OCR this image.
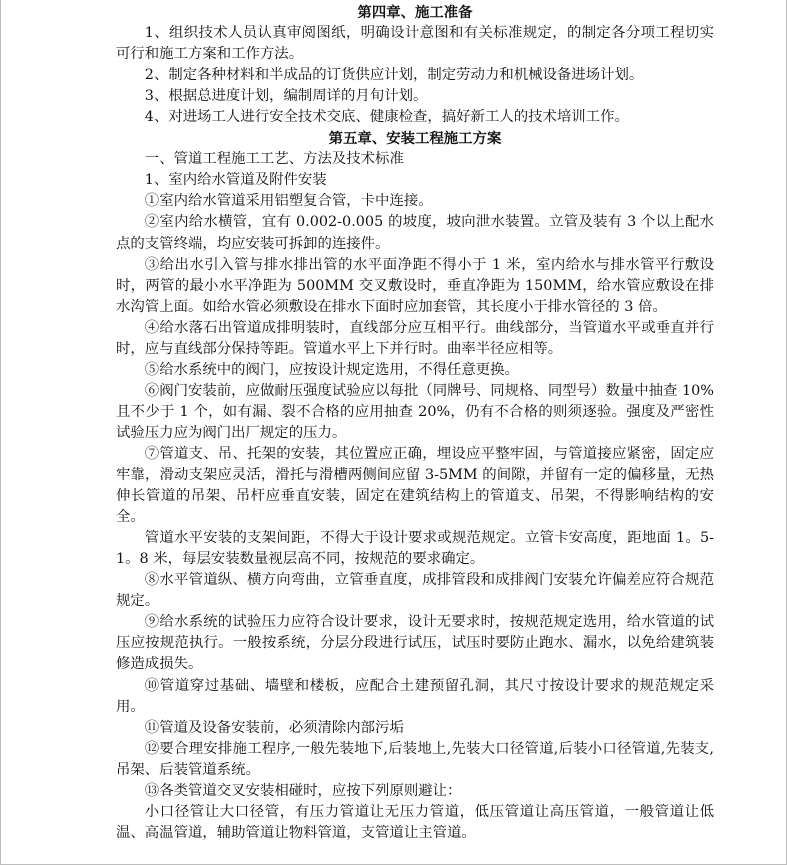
第四章、施工准备

1、组织技术人员认真审阅图纸，明确设计意图和有关标准规定，的制定各分项工程切实可行和施工方案和工作方法。

2、制定各种材料和半成品的订货供应计划，制定劳动力和机械设备进场计划。

3、根据总进度计划，编制周详的月旬计划。

4、对进场工人进行安全技术交底、健康检查，搞好新工人的技术培训工作。

第五章、安装工程施工方案

一、管道工程施工工艺、方法及技术标准

1、室内给水管道及附件安装

①室内给水管道采用铝塑复合管，卡中连接。

②室内给水横管，宜有 0.002-0.005 的坡度，坡向泄水装置。立管及装有 3 个以上配水点的支管终端，均应安装可拆卸的连接件。

③给出水引入管与排水排出管的水平面净距不得小于 1 米，室内给水与排水管平行敷设时，两管的最小水平净距为 500MM 交叉敷设时，垂直净距为 150MM，给水管应敷设在排水沟管上面。如给水管必须敷设在排水下面时应加套管，其长度小于排水管径的 3 倍。

④给水落石出管道成排明装时，直线部分应互相平行。曲线部分，当管道水平或垂直并行时，应与直线部分保持等距。管道水平上下并行时。曲率半径应相等。

⑤给水系统中的阀门，应按设计规定选用，不得任意更换。

⑥阀门安装前，应做耐压强度试验应以每批（同牌号、同规格、同型号）数量中抽查 10%且不少于 1 个，如有漏、裂不合格的应用抽查 20%，仍有不合格的则须逐验。强度及严密性试验压力应为阀门出厂规定的压力。

⑦管道支、吊、托架的安装，其位置应正确，埋设应平整牢固，与管道接应紧密，固定应牢靠，滑动支架应灵活，滑托与滑槽两侧间应留 3-5MM 的间隙，并留有一定的偏移量，无热伸长管道的吊架、吊杆应垂直安装，固定在建筑结构上的管道支、吊架，不得影响结构的安全。

管道水平安装的支架间距，不得大于设计要求或规范规定。立管卡安高度，距地面 1。5-1。8 米，每层安装数量视层高不同，按规范的要求确定。

⑧水平管道纵、横方向弯曲，立管垂直度，成排管段和成排阀门安装允许偏差应符合规范规定。

⑨给水系统的试验压力应符合设计要求，设计无要求时，按规范规定选用，给水管道的试压应按规范执行。一般按系统，分层分段进行试压，试压时要防止跑水、漏水，以免给建筑装修造成损失。

⑩管道穿过基础、墙壁和楼板，应配合土建预留孔洞，其尺寸按设计要求的规范规定采用。

⑪管道及设备安装前，必须清除内部污垢

⑫要合理安排施工程序,一般先装地下,后装地上,先装大口径管道,后装小口径管道,先装支,吊架、后装管道系统。

⑬各类管道交叉安装相碰时，应按下列原则避让：

小口径管让大口径管，有压力管道让无压力管道，低压管道让高压管道，一般管道让低温、高温管道，辅助管道让物料管道，支管道让主管道。
